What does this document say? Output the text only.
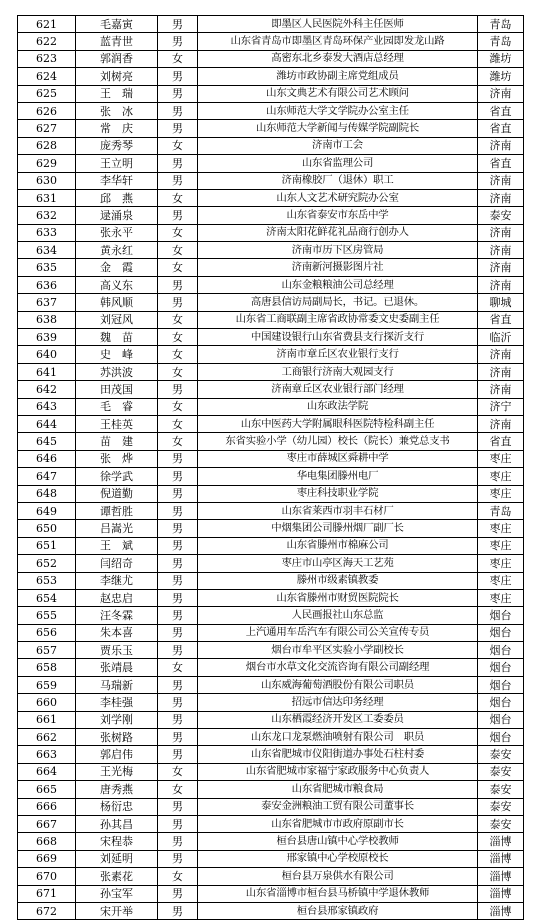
621	毛嘉寅	男	即墨区人民医院外科主任医师	青岛
622	蓝青世	男	山东省青岛市即墨区青岛环保产业园即发龙山路	青岛
623	郭润香	女	高密东北乡泰发大酒店总经理	潍坊
624	刘树亮	男	潍坊市政协副主席党组成员	潍坊
625	王　瑞	男	山东文典艺术有限公司艺术顾问	济南
626	张　冰	男	山东师范大学文学院办公室主任	省直
627	常　庆	男	山东师范大学新闻与传媒学院副院长	省直
628	庞秀琴	女	济南市工会	济南
629	王立明	男	山东省监理公司	省直
630	李华轩	男	济南橡胶厂（退休）职工	济南
631	邱　燕	女	山东人文艺术研究院办公室	济南
632	逯涌泉	男	山东省泰安市东岳中学	泰安
633	张永平	女	济南太阳花鲜花礼品商行创办人	济南
634	黄永红	女	济南市历下区房管局	济南
635	金　霞	女	济南新河摄影图片社	济南
636	高义东	男	山东金粮粮油公司总经理	济南
637	韩风顺	男	高唐县信访局副局长，书记。已退休。	聊城
638	刘冠风	女	山东省工商联副主席省政协常委文史委副主任	省直
639	魏　苗	女	中国建设银行山东省费县支行探沂支行	临沂
640	史　峰	女	济南市章丘区农业银行支行	济南
641	苏洪波	女	工商银行济南大观园支行	济南
642	田茂国	男	济南章丘区农业银行部门经理	济南
643	毛　睿	女	山东政法学院	济宁
644	王桂英	女	山东中医药大学附属眼科医院特检科副主任	济南
645	苗　建	女	东省实验小学（幼儿园）校长（院长）兼党总支书	省直
646	张　烨	男	枣庄市薛城区舜耕中学	枣庄
647	徐学武	男	华电集团滕州电厂	枣庄
648	倪道勤	男	枣庄科技职业学院	枣庄
649	谭哲胜	男	山东省莱西市羽丰石材厂	青岛
650	吕嵩光	男	中烟集团公司滕州烟厂副厂长	枣庄
651	王　斌	男	山东省滕州市棉麻公司	枣庄
652	闫绍奇	男	枣庄市山亭区海天工艺苑	枣庄
653	李继尤	男	滕州市级素镇教委	枣庄
654	赵忠启	男	山东省滕州市财贸医院院长	枣庄
655	汪冬霖	男	人民画报社山东总监	烟台
656	朱本喜	男	上汽通用车岳汽车有限公司公关宣传专员	烟台
657	贾乐玉	男	烟台市牟平区实验小学副校长	烟台
658	张靖晨	女	烟台市水草文化交流咨询有限公司副经理	烟台
659	马瑞新	男	山东威海葡萄酒股份有限公司职员	烟台
660	李桂强	男	招远市信达印务经理	烟台
661	刘学刚	男	山东栖霞经济开发区工委委员	烟台
662	张树路	男	山东龙口龙泵燃油喷射有限公司　职员	烟台
663	郭启伟	男	山东省肥城市仪阳街道办事处石柱村委	泰安
664	王光梅	女	山东省肥城市家福宁家政服务中心负责人	泰安
665	唐秀燕	女	山东省肥城市粮食局	泰安
666	杨衍忠	男	泰安金洲粮油工贸有限公司董事长	泰安
667	孙其昌	男	山东省肥城市市政府原副市长	泰安
668	宋程恭	男	桓台县唐山镇中心学校教师	淄博
669	刘延明	男	邢家镇中心学校原校长	淄博
670	张素花	女	桓台县万泉供水有限公司	淄博
671	孙宝军	男	山东省淄博市桓台县马桥镇中学退休教师	淄博
672	宋开举	男	桓台县邢家镇政府	淄博
